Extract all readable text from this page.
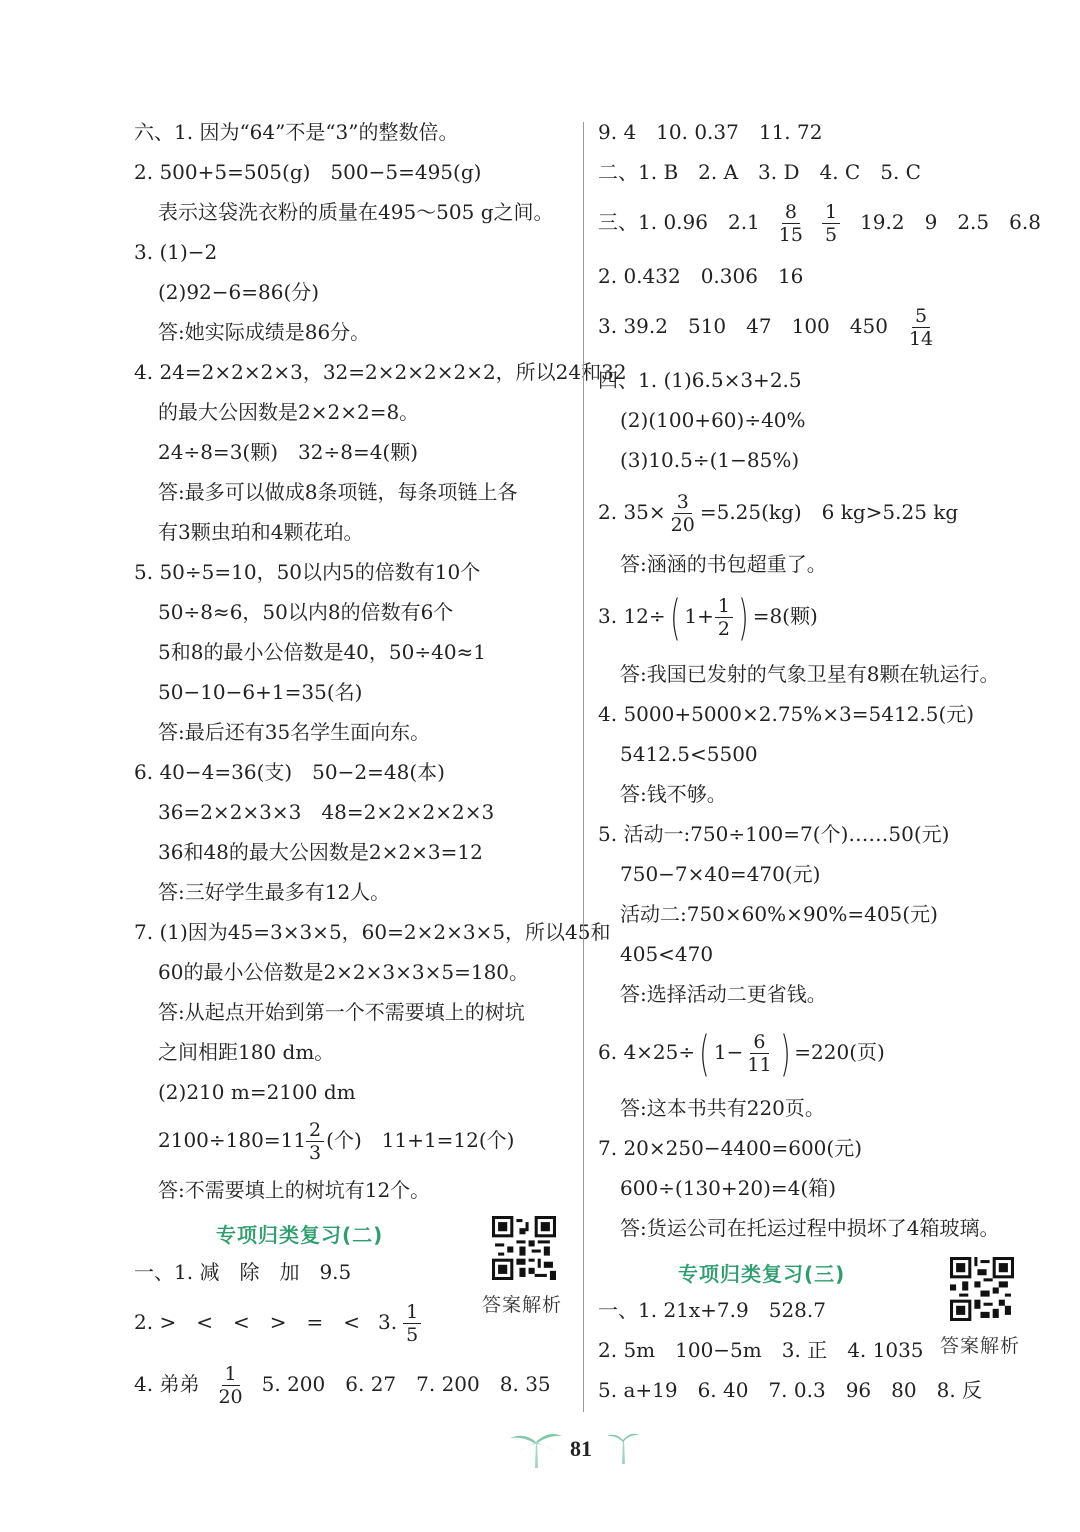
六、1. 因为“64”不是“3”的整数倍。
2. 500+5=505(g)　500−5=495(g)
表示这袋洗衣粉的质量在495～505 g之间。
3. (1)−2
(2)92−6=86(分)
答:她实际成绩是86分。
4. 24=2×2×2×3，32=2×2×2×2×2，所以24和32
的最大公因数是2×2×2=8。
24÷8=3(颗)　32÷8=4(颗)
答:最多可以做成8条项链，每条项链上各
有3颗虫珀和4颗花珀。
5. 50÷5=10，50以内5的倍数有10个
50÷8≈6，50以内8的倍数有6个
5和8的最小公倍数是40，50÷40≈1
50−10−6+1=35(名)
答:最后还有35名学生面向东。
6. 40−4=36(支)　50−2=48(本)
36=2×2×3×3　48=2×2×2×2×3
36和48的最大公因数是2×2×3=12
答:三好学生最多有12人。
7. (1)因为45=3×3×5，60=2×2×3×5，所以45和
60的最小公倍数是2×2×3×3×5=180。
答:从起点开始到第一个不需要填上的树坑
之间相距180 dm。
(2)210 m=2100 dm
$2100\div 180=11 \frac{2}{3}$ (个)　11+1=12(个)
答:不需要填上的树坑有12个。
专项归类复习(二)
答案解析
一、1. 减　除　加　9.5
2. >　<　<　>　=　< 3. $\frac{1}{5}$
4. 弟弟 $\frac{1}{20} 5$. 200　6. 27　7. 200　8. 35
9. 4　10. 0.37　11. 72
二、1. B　2. A　3. D　4. C　5. C
三、1. 0.96　$2.1 \frac{8}{15} \frac{1}{5} 19.2$　9　2.5　6.8
2. 0.432　0.306　16
3. 39.2　510　47　100　$450 \frac{5}{14}$
四、1. (1)6.5×3+2.5
(2)(100+60)÷40%
(3)10.5÷(1−85%)
2. $35\times \frac{3}{20} =5.25(kg)$　6 kg>5.25 kg
答:涵涵的书包超重了。
3. 12÷( $1+ \frac{1}{2}$ ) =8(颗)
答:我国已发射的气象卫星有8颗在轨运行。
4. 5000+5000×2.75%×3=5412.5(元)
5412.5<5500
答:钱不够。
5. 活动一:750÷100=7(个)……50(元)
750−7×40=470(元)
活动二:750×60%×90%=405(元)
405<470
答:选择活动二更省钱。
6. 4×25÷( $1- \frac{6}{11}$ ) =220(页)
答:这本书共有220页。
7. 20×250−4400=600(元)
600÷(130+20)=4(箱)
答:货运公司在托运过程中损坏了4箱玻璃。
专项归类复习(三)
答案解析
一、1. 21x+7.9　528.7
2. 5m　100−5m　3. 正　4. 1035
5. a+19　6. 40　7. 0.3　96　80　8. 反
81
